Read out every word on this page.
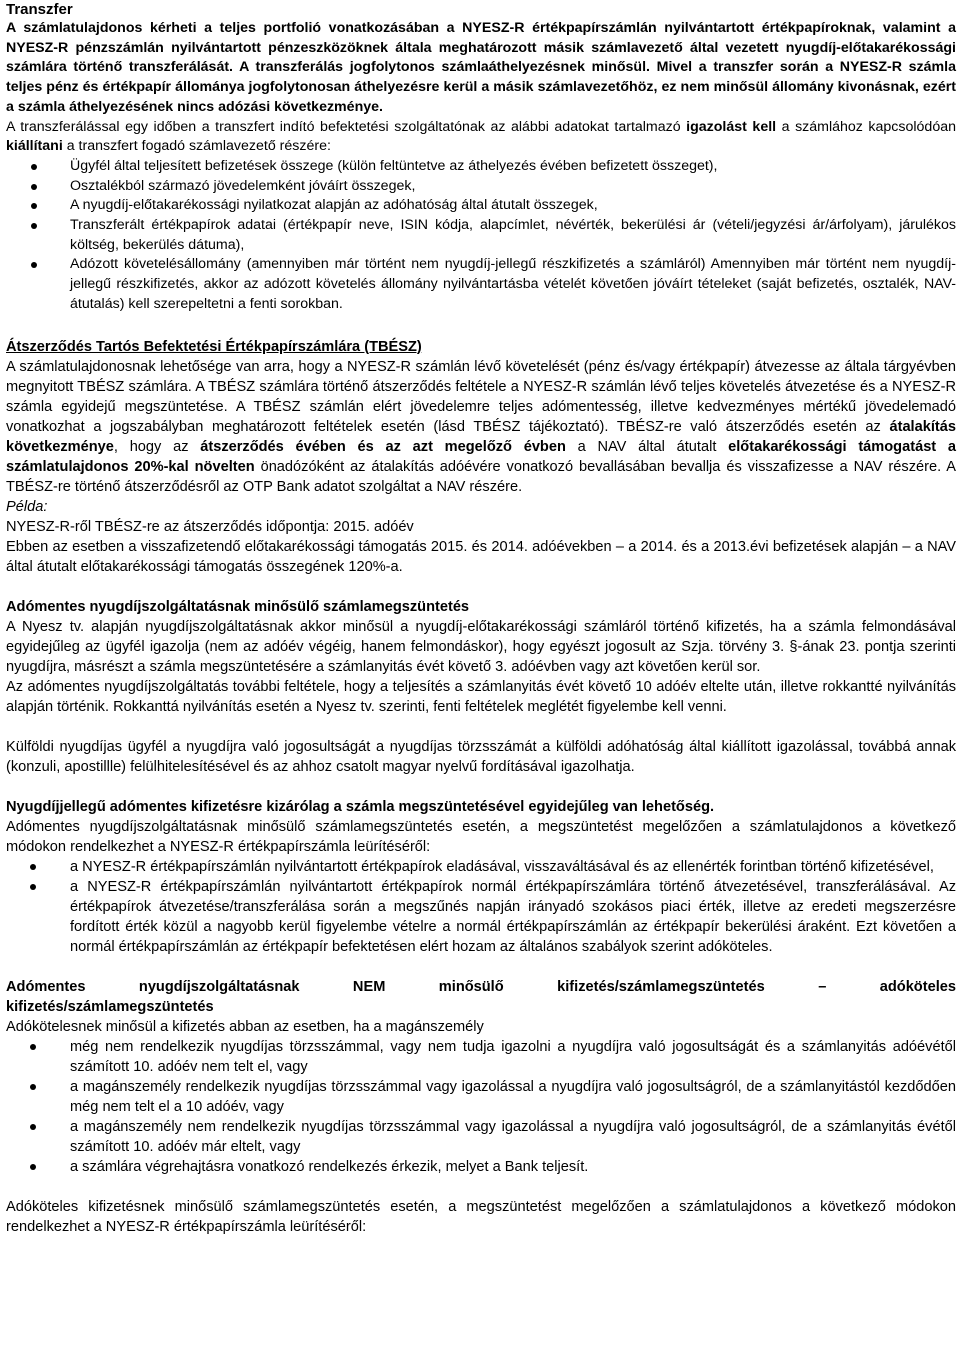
Transzfer

A számlatulajdonos kérheti a teljes portfolió vonatkozásában a NYESZ-R értékpapírszámlán nyilvántartott értékpapíroknak, valamint a NYESZ-R pénzszámlán nyilvántartott pénzeszközöknek általa meghatározott másik számlavezető által vezetett nyugdíj-előtakarékossági számlára történő transzferálását. A transzferálás jogfolytonos számlaáthelyezésnek minősül. Mivel a transzfer során a NYESZ-R számla teljes pénz és értékpapír állománya jogfolytonosan áthelyezésre kerül a másik számlavezetőhöz, ez nem minősül állomány kivonásnak, ezért a számla áthelyezésének nincs adózási következménye.

A transzferálással egy időben a transzfert indító befektetési szolgáltatónak az alábbi adatokat tartalmazó igazolást kell a számlához kapcsolódóan kiállítani a transzfert fogadó számlavezető részére:

Ügyfél által teljesített befizetések összege (külön feltüntetve az áthelyezés évében befizetett összeget),
Osztalékból származó jövedelemként jóváírt összegek,
A nyugdíj-előtakarékossági nyilatkozat alapján az adóhatóság által átutalt összegek,
Transzferált értékpapírok adatai (értékpapír neve, ISIN kódja, alapcímlet, névérték, bekerülési ár (vételi/jegyzési ár/árfolyam), járulékos költség, bekerülés dátuma),
Adózott követelésállomány (amennyiben már történt nem nyugdíj-jellegű részkifizetés a számláról) Amennyiben már történt nem nyugdíj-jellegű részkifizetés, akkor az adózott követelés állomány nyilvántartásba vételét követően jóváírt tételeket (saját befizetés, osztalék, NAV-átutalás) kell szerepeltetni a fenti sorokban.
Átszerződés Tartós Befektetési Értékpapírszámlára (TBÉSZ)

A számlatulajdonosnak lehetősége van arra, hogy a NYESZ-R számlán lévő követelését (pénz és/vagy értékpapír) átvezesse az általa tárgyévben megnyitott TBÉSZ számlára. A TBÉSZ számlára történő átszerződés feltétele a NYESZ-R számlán lévő teljes követelés átvezetése és a NYESZ-R számla egyidejű megszüntetése. A TBÉSZ számlán elért jövedelemre teljes adómentesség, illetve kedvezményes mértékű jövedelemadó vonatkozhat a jogszabályban meghatározott feltételek esetén (lásd TBÉSZ tájékoztató). TBÉSZ-re való átszerződés esetén az átalakítás következménye, hogy az átszerződés évében és az azt megelőző évben a NAV által átutalt előtakarékossági támogatást a számlatulajdonos 20%-kal növelten önadózóként az átalakítás adóévére vonatkozó bevallásában bevallja és visszafizesse a NAV részére. A TBÉSZ-re történő átszerződésről az OTP Bank adatot szolgáltat a NAV részére.

Példa:

NYESZ-R-ről TBÉSZ-re az átszerződés időpontja: 2015. adóév

Ebben az esetben a visszafizetendő előtakarékossági támogatás 2015. és 2014. adóévekben – a 2014. és a 2013.évi befizetések alapján – a NAV által átutalt előtakarékossági támogatás összegének 120%-a.

Adómentes nyugdíjszolgáltatásnak minősülő számlamegszüntetés

A Nyesz tv. alapján nyugdíjszolgáltatásnak akkor minősül a nyugdíj-előtakarékossági számláról történő kifizetés, ha a számla felmondásával egyidejűleg az ügyfél igazolja (nem az adóév végéig, hanem felmondáskor), hogy egyészt jogosult az Szja. törvény 3. §-ának 23. pontja szerinti nyugdíjra, másrészt a számla megszüntetésére a számlanyitás évét követő 3. adóévben vagy azt követően kerül sor.

Az adómentes nyugdíjszolgáltatás további feltétele, hogy a teljesítés a számlanyitás évét követő 10 adóév eltelte után, illetve rokkantté nyilvánítás alapján történik. Rokkanttá nyilvánítás esetén a Nyesz tv. szerinti, fenti feltételek meglétét figyelembe kell venni.

Külföldi nyugdíjas ügyfél a nyugdíjra való jogosultságát a nyugdíjas törzsszámát a külföldi adóhatóság által kiállított igazolással, továbbá annak (konzuli, apostillle) felülhitelesítésével és az ahhoz csatolt magyar nyelvű fordításával igazolhatja.

Nyugdíjjellegű adómentes kifizetésre kizárólag a számla megszüntetésével egyidejűleg van lehetőség.

Adómentes nyugdíjszolgáltatásnak minősülő számlamegszüntetés esetén, a megszüntetést megelőzően a számlatulajdonos a következő módokon rendelkezhet a NYESZ-R értékpapírszámla leürítéséről:

a NYESZ-R értékpapírszámlán nyilvántartott értékpapírok eladásával, visszaváltásával és az ellenérték forintban történő kifizetésével,
a NYESZ-R értékpapírszámlán nyilvántartott értékpapírok normál értékpapírszámlára történő átvezetésével, transzferálásával. Az értékpapírok átvezetése/transzferálása során a megszűnés napján irányadó szokásos piaci érték, illetve az eredeti megszerzésre fordított érték közül a nagyobb kerül figyelembe vételre a normál értékpapírszámlán az értékpapír bekerülési áraként. Ezt követően a normál értékpapírszámlán az értékpapír befektetésen elért hozam az általános szabályok szerint adóköteles.
Adómentes	nyugdíjszolgáltatásnak	NEM	minősülő	kifizetés/számlamegszüntetés	–	adóköteles
kifizetés/számlamegszüntetés

Adókötelesnek minősül a kifizetés abban az esetben, ha a magánszemély

még nem rendelkezik nyugdíjas törzsszámmal, vagy nem tudja igazolni a nyugdíjra való jogosultságát és a számlanyitás adóévétől számított 10. adóév nem telt el, vagy
a magánszemély rendelkezik nyugdíjas törzsszámmal vagy igazolással a nyugdíjra való jogosultságról, de a számlanyitástól kezdődően még nem telt el a 10 adóév, vagy
a magánszemély nem rendelkezik nyugdíjas törzsszámmal vagy igazolással a nyugdíjra való jogosultságról, de a számlanyitás évétől számított 10. adóév már eltelt, vagy
a számlára végrehajtásra vonatkozó rendelkezés érkezik, melyet a Bank teljesít.

Adóköteles kifizetésnek minősülő számlamegszüntetés esetén, a megszüntetést megelőzően a számlatulajdonos a következő módokon rendelkezhet a NYESZ-R értékpapírszámla leürítéséről:
